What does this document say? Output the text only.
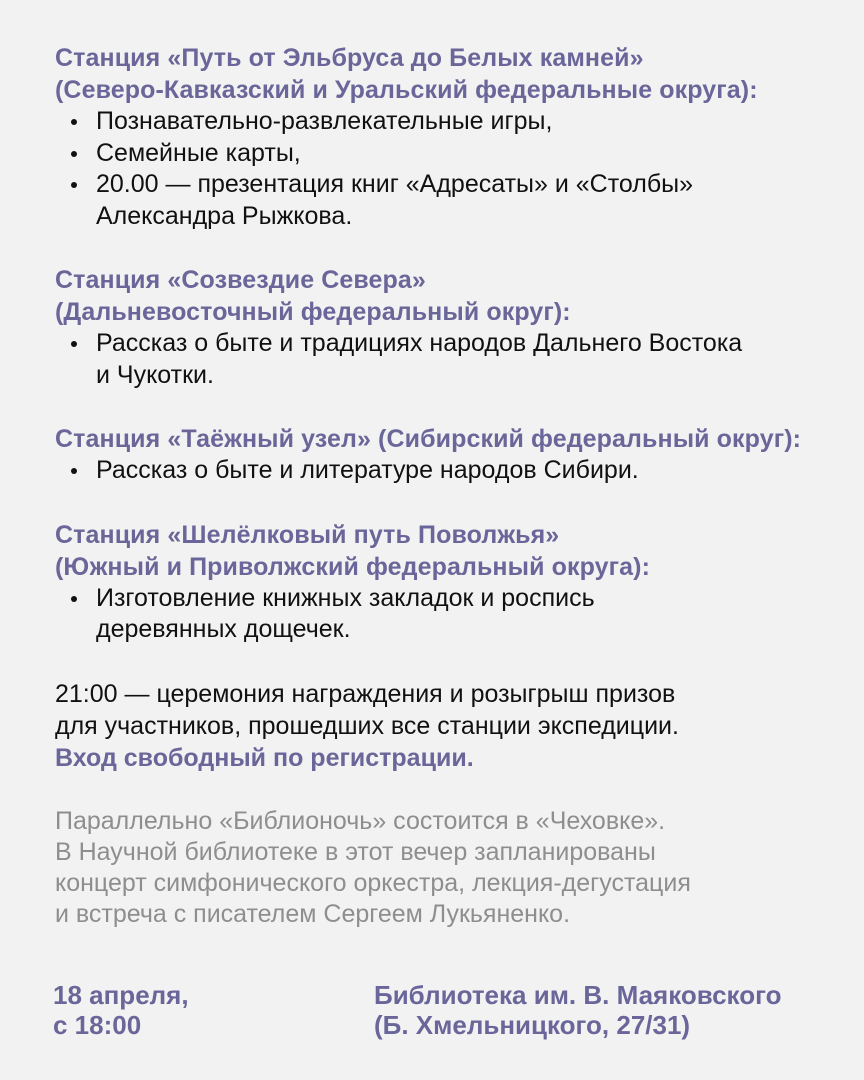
Станция «Путь от Эльбруса до Белых камней»
(Северо-Кавказский и Уральский федеральные округа):
Познавательно-развлекательные игры,
Семейные карты,
20.00 — презентация книг «Адресаты» и «Столбы»
Александра Рыжкова.
Станция «Созвездие Севера»
(Дальневосточный федеральный округ):
Рассказ о быте и традициях народов Дальнего Востока
и Чукотки.
Станция «Таёжный узел» (Сибирский федеральный округ):
Рассказ о быте и литературе народов Сибири.
Станция «Шелёлковый путь Поволжья»
(Южный и Приволжский федеральный округа):
Изготовление книжных закладок и роспись
деревянных дощечек.
21:00 — церемония награждения и розыгрыш призов
для участников, прошедших все станции экспедиции.
Вход свободный по регистрации.
Параллельно «Библионочь» состоится в «Чеховке».
В Научной библиотеке в этот вечер запланированы
концерт симфонического оркестра, лекция-дегустация
и встреча с писателем Сергеем Лукьяненко.
18 апреля,
с 18:00
Библиотека им. В. Маяковского
(Б. Хмельницкого, 27/31)
